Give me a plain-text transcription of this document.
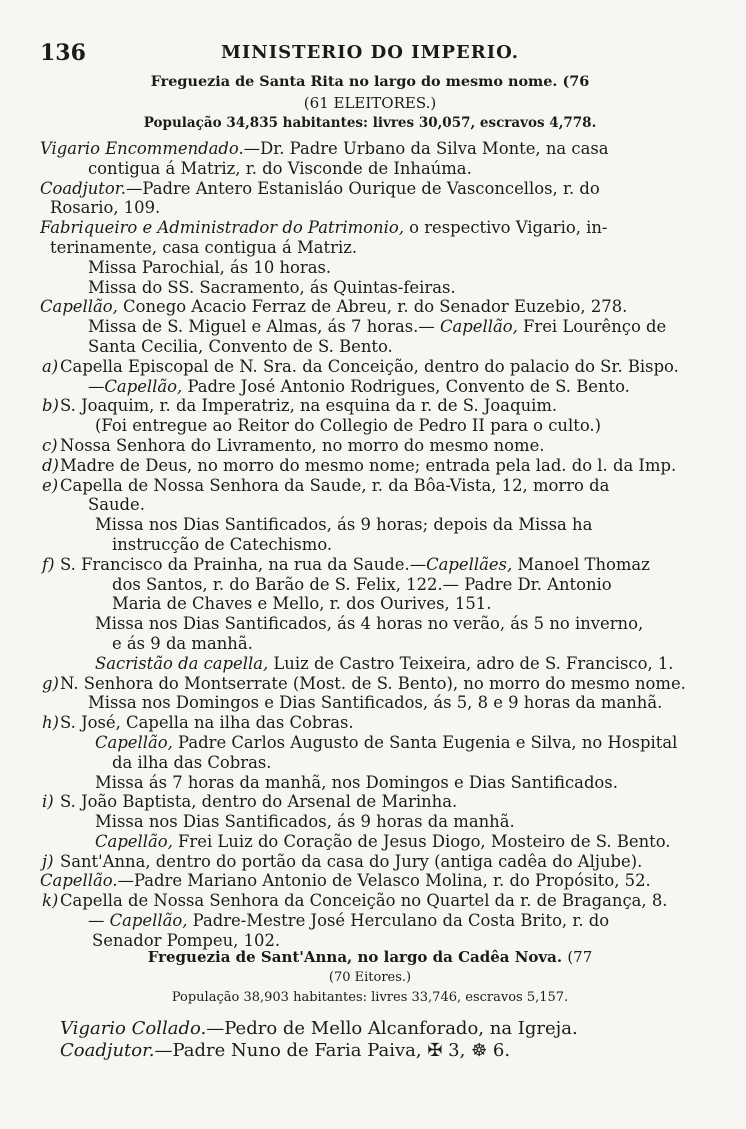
136	MINISTERIO DO IMPERIO.
Freguezia de Santa Rita no largo do mesmo nome. (76
(61 ELEITORES.)
População 34,835 habitantes: livres 30,057, escravos 4,778.
Vigario Encommendado.—Dr. Padre Urbano da Silva Monte, na casa
contigua á Matriz, r. do Visconde de Inhaúma.
Coadjutor.—Padre Antero Estanisláo Ourique de Vasconcellos, r. do
Rosario, 109.
Fabriqueiro e Administrador do Patrimonio, o respectivo Vigario, in-
terinamente, casa contigua á Matriz.
Missa Parochial, ás 10 horas.
Missa do SS. Sacramento, ás Quintas-feiras.
Capellão, Conego Acacio Ferraz de Abreu, r. do Senador Euzebio, 278.
Missa de S. Miguel e Almas, ás 7 horas.— Capellão, Frei Lourênço de
Santa Cecilia, Convento de S. Bento.
a) Capella Episcopal de N. Sra. da Conceição, dentro do palacio do Sr. Bispo.
—Capellão, Padre José Antonio Rodrigues, Convento de S. Bento.
b)S. Joaquim, r. da Imperatriz, na esquina da r. de S. Joaquim.
(Foi entregue ao Reitor do Collegio de Pedro II para o culto.)
c) Nossa Senhora do Livramento, no morro do mesmo nome.
d)Madre de Deus, no morro do mesmo nome; entrada pela lad. do l. da Imp.
e) Capella de Nossa Senhora da Saude, r. da Bôa-Vista, 12, morro da
Saude.
Missa nos Dias Santificados, ás 9 horas; depois da Missa ha
instrucção de Catechismo.
f) S. Francisco da Prainha, na rua da Saude.—Capellães, Manoel Thomaz
dos Santos, r. do Barão de S. Felix, 122.— Padre Dr. Antonio
Maria de Chaves e Mello, r. dos Ourives, 151.
Missa nos Dias Santificados, ás 4 horas no verão, ás 5 no inverno,
e ás 9 da manhã.
Sacristão da capella, Luiz de Castro Teixeira, adro de S. Francisco, 1.
g)N. Senhora do Montserrate (Most. de S. Bento), no morro do mesmo nome.
Missa nos Domingos e Dias Santificados, ás 5, 8 e 9 horas da manhã.
h)S. José, Capella na ilha das Cobras.
Capellão, Padre Carlos Augusto de Santa Eugenia e Silva, no Hospital
da ilha das Cobras.
Missa ás 7 horas da manhã, nos Domingos e Dias Santificados.
i) S. João Baptista, dentro do Arsenal de Marinha.
Missa nos Dias Santificados, ás 9 horas da manhã.
Capellão, Frei Luiz do Coração de Jesus Diogo, Mosteiro de S. Bento.
j) Sant'Anna, dentro do portão da casa do Jury (antiga cadêa do Aljube).
Capellão.—Padre Mariano Antonio de Velasco Molina, r. do Propósito, 52.
k) Capella de Nossa Senhora da Conceição no Quartel da r. de Bragança, 8.
— Capellão, Padre-Mestre José Herculano da Costa Brito, r. do
Senador Pompeu, 102.
Freguezia de Sant'Anna, no largo da Cadêa Nova. (77
(70 Eitores.)
População 38,903 habitantes: livres 33,746, escravos 5,157.
Vigario Collado.—Pedro de Mello Alcanforado, na Igreja.
Coadjutor.—Padre Nuno de Faria Paiva, ✠ 3, ☸ 6.
